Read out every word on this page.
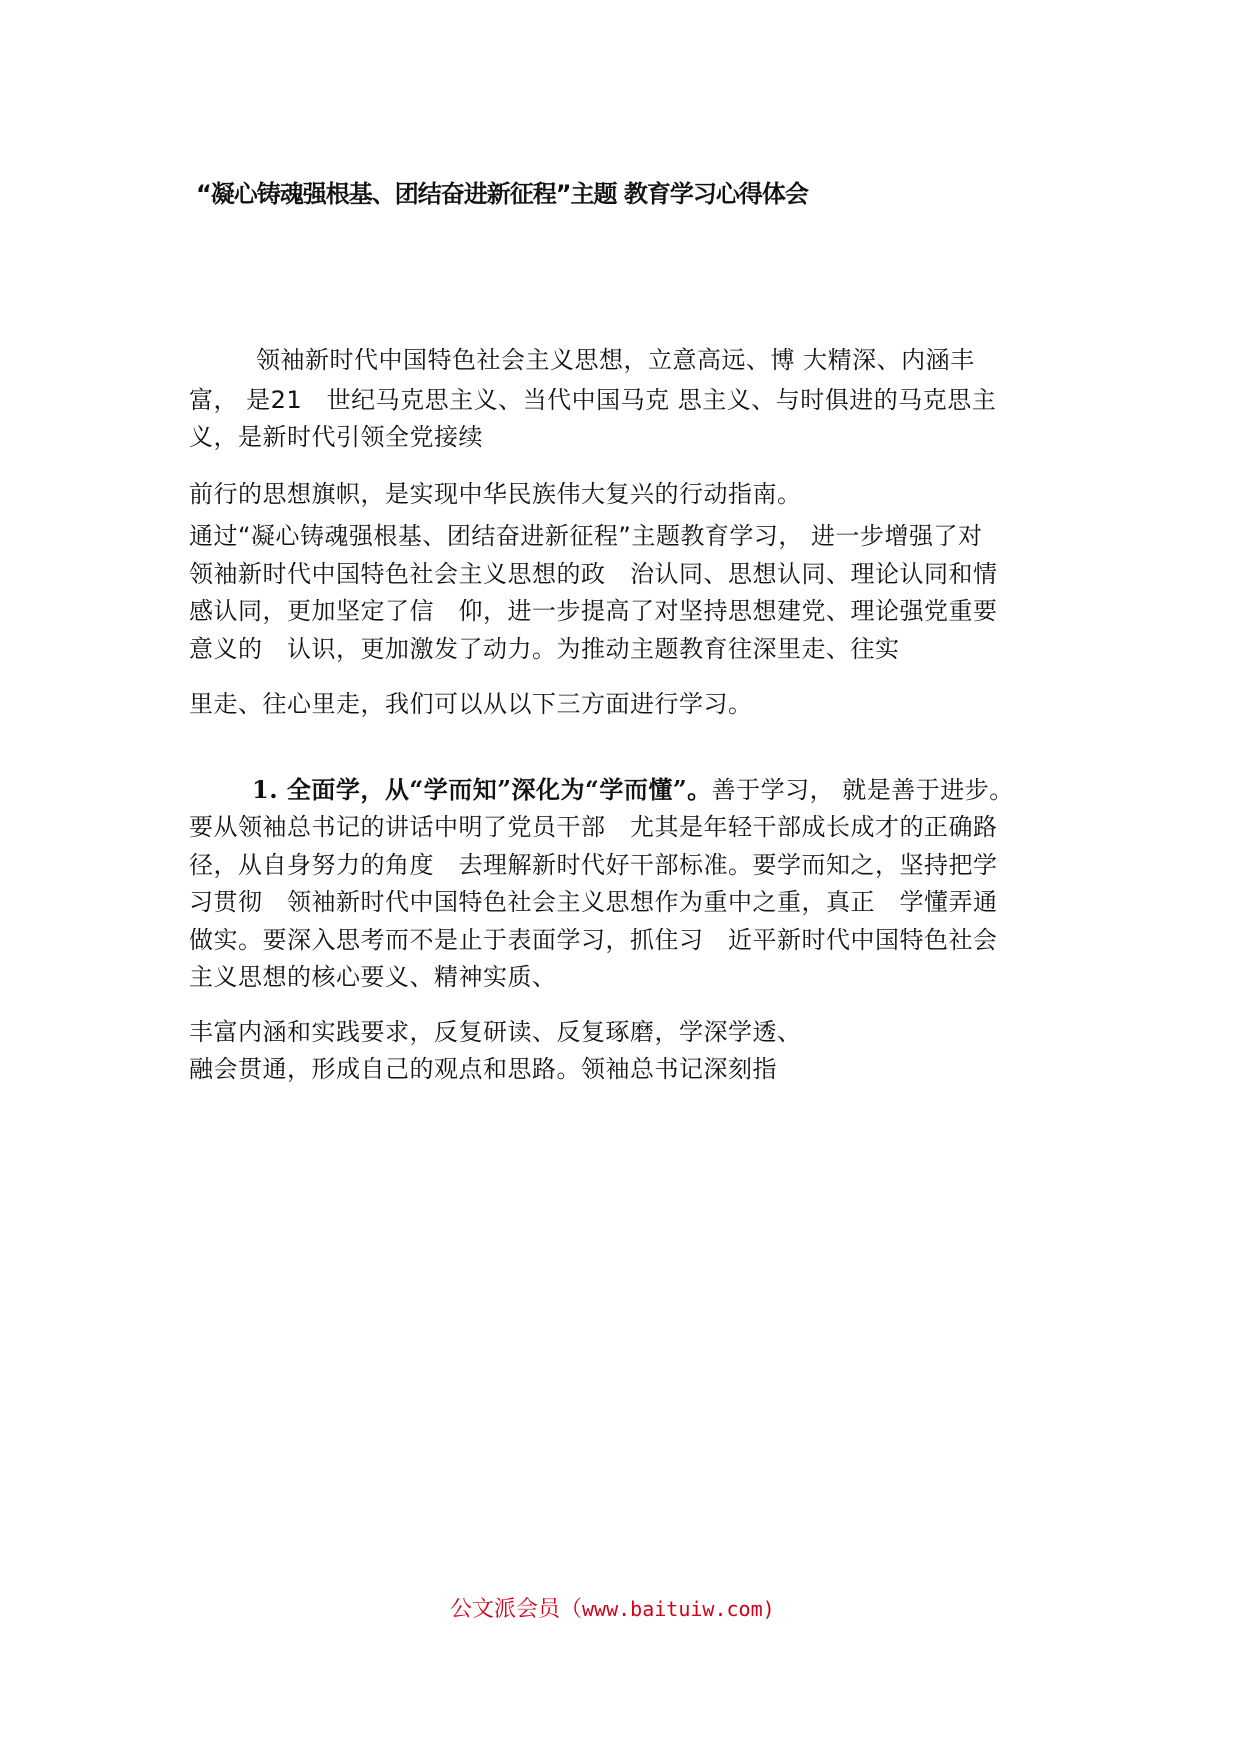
“凝心铸魂强根基、团结奋进新征程”主题 教育学习心得体会
领袖新时代中国特色社会主义思想，立意高远、博 大精深、内涵丰
富， 是21　世纪马克思主义、当代中国马克 思主义、与时俱进的马克思主
义，是新时代引领全党接续
前行的思想旗帜，是实现中华民族伟大复兴的行动指南。
通过“凝心铸魂强根基、团结奋进新征程”主题教育学习， 进一步增强了对
领袖新时代中国特色社会主义思想的政　治认同、思想认同、理论认同和情
感认同，更加坚定了信　仰，进一步提高了对坚持思想建党、理论强党重要
意义的　认识，更加激发了动力。为推动主题教育往深里走、往实
里走、往心里走，我们可以从以下三方面进行学习。
1. 全面学，从“学而知”深化为“学而懂”。善于学习， 就是善于进步。
要从领袖总书记的讲话中明了党员干部　尤其是年轻干部成长成才的正确路
径，从自身努力的角度　去理解新时代好干部标准。要学而知之，坚持把学
习贯彻　领袖新时代中国特色社会主义思想作为重中之重，真正　学懂弄通
做实。要深入思考而不是止于表面学习，抓住习　近平新时代中国特色社会
主义思想的核心要义、精神实质、
丰富内涵和实践要求，反复研读、反复琢磨，学深学透、
融会贯通，形成自己的观点和思路。领袖总书记深刻指
公文派会员（www.baituiw.com)
